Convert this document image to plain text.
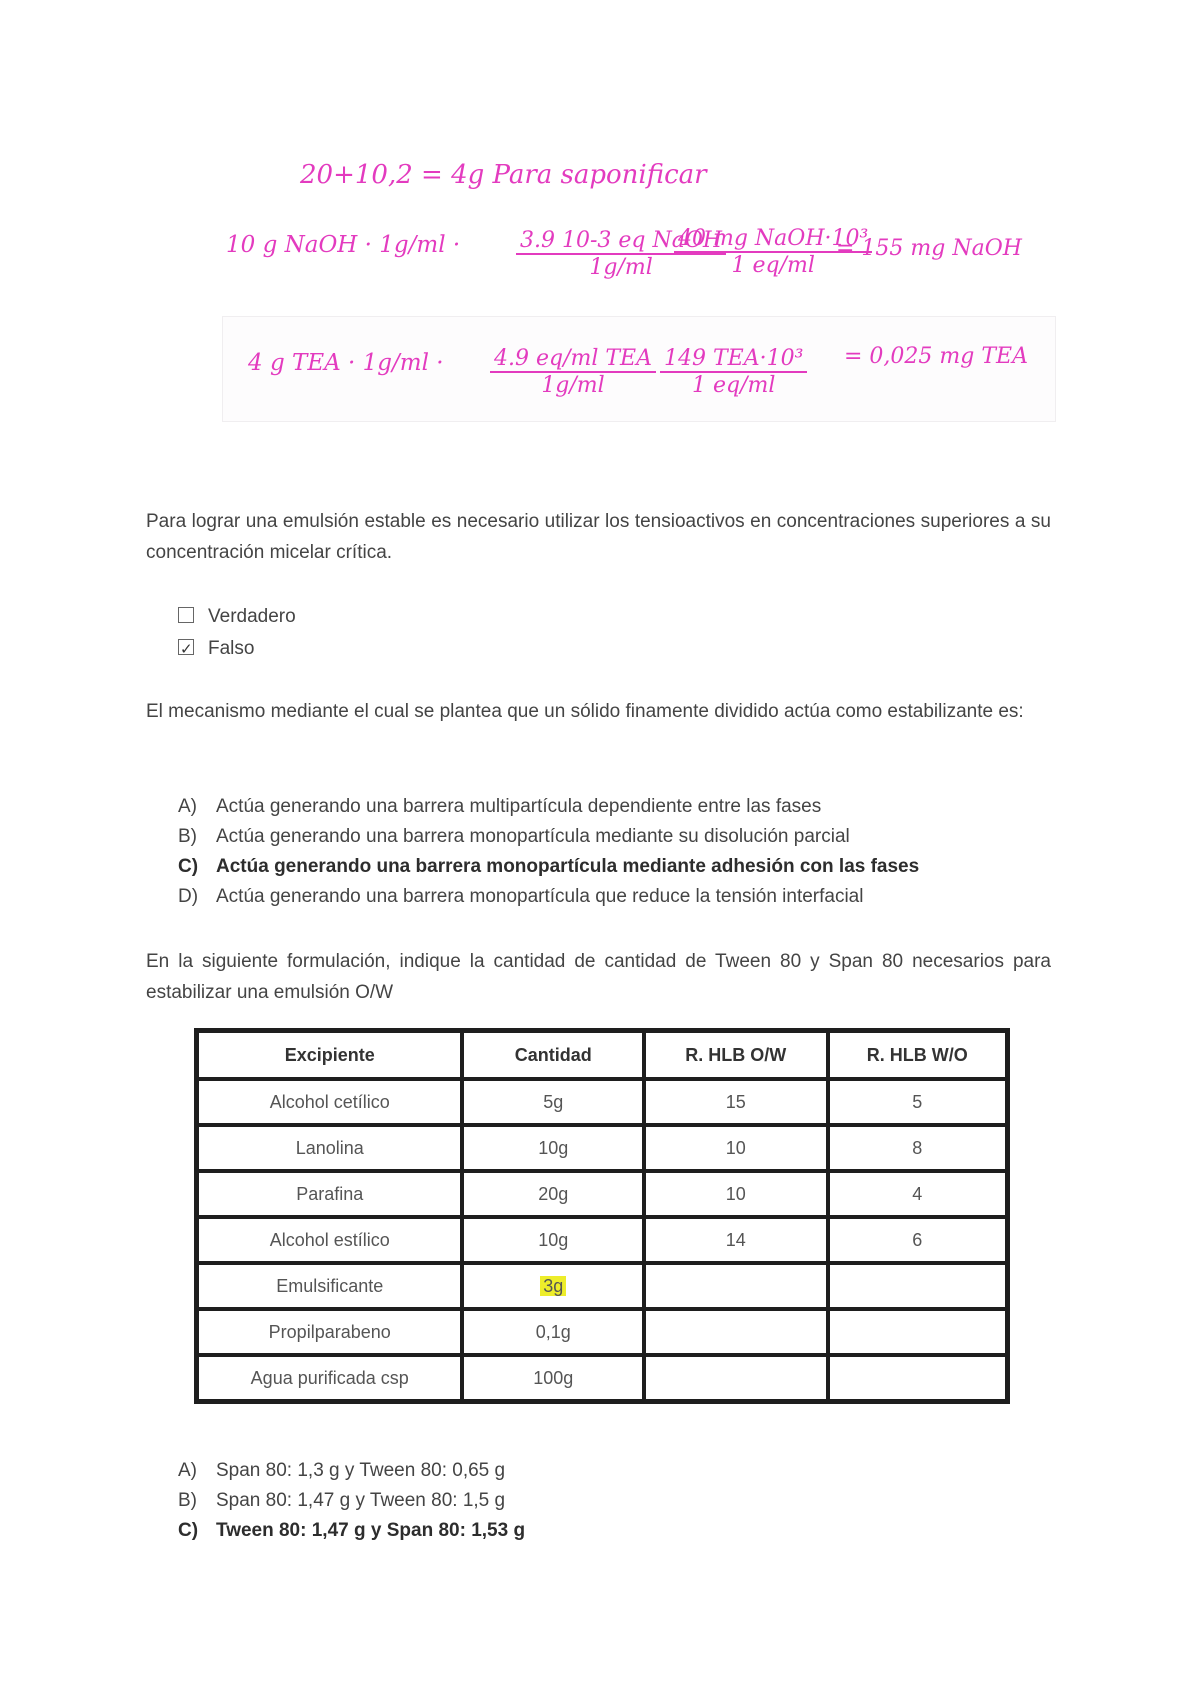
20+10,2 = 4g Para saponificar
10 g NaOH · 1g/ml ·	3.9 10-3 eq NaOH
1g/ml
40 mg NaOH·10³
1 eq/ml
= 155 mg NaOH
4 g TEA · 1g/ml · 4.9 eq/ml TEA
1g/ml
149 TEA·10³
1 eq/ml
= 0,025 mg TEA
Para lograr una emulsión estable es necesario utilizar los tensioactivos en concentraciones superiores a su concentración micelar crítica.
Verdadero
✓Falso
El mecanismo mediante el cual se plantea que un sólido finamente dividido actúa como estabilizante es:
A) Actúa generando una barrera multipartícula dependiente entre las fases
B) Actúa generando una barrera monopartícula mediante su disolución parcial
C) Actúa generando una barrera monopartícula mediante adhesión con las fases
D) Actúa generando una barrera monopartícula que reduce la tensión interfacial
En la siguiente formulación, indique la cantidad de cantidad de Tween 80 y Span 80 necesarios para estabilizar una emulsión O/W
Excipiente	Cantidad	R. HLB O/W	R. HLB W/O
Alcohol cetílico	5g	15	5
Lanolina	10g	10	8
Parafina	20g	10	4
Alcohol estílico	10g	14	6
Emulsificante	3g		
Propilparabeno	0,1g		
Agua purificada csp	100g		
A) Span 80: 1,3 g y Tween 80: 0,65 g
B) Span 80: 1,47 g y Tween 80: 1,5 g
C) Tween 80: 1,47 g y Span 80: 1,53 g
